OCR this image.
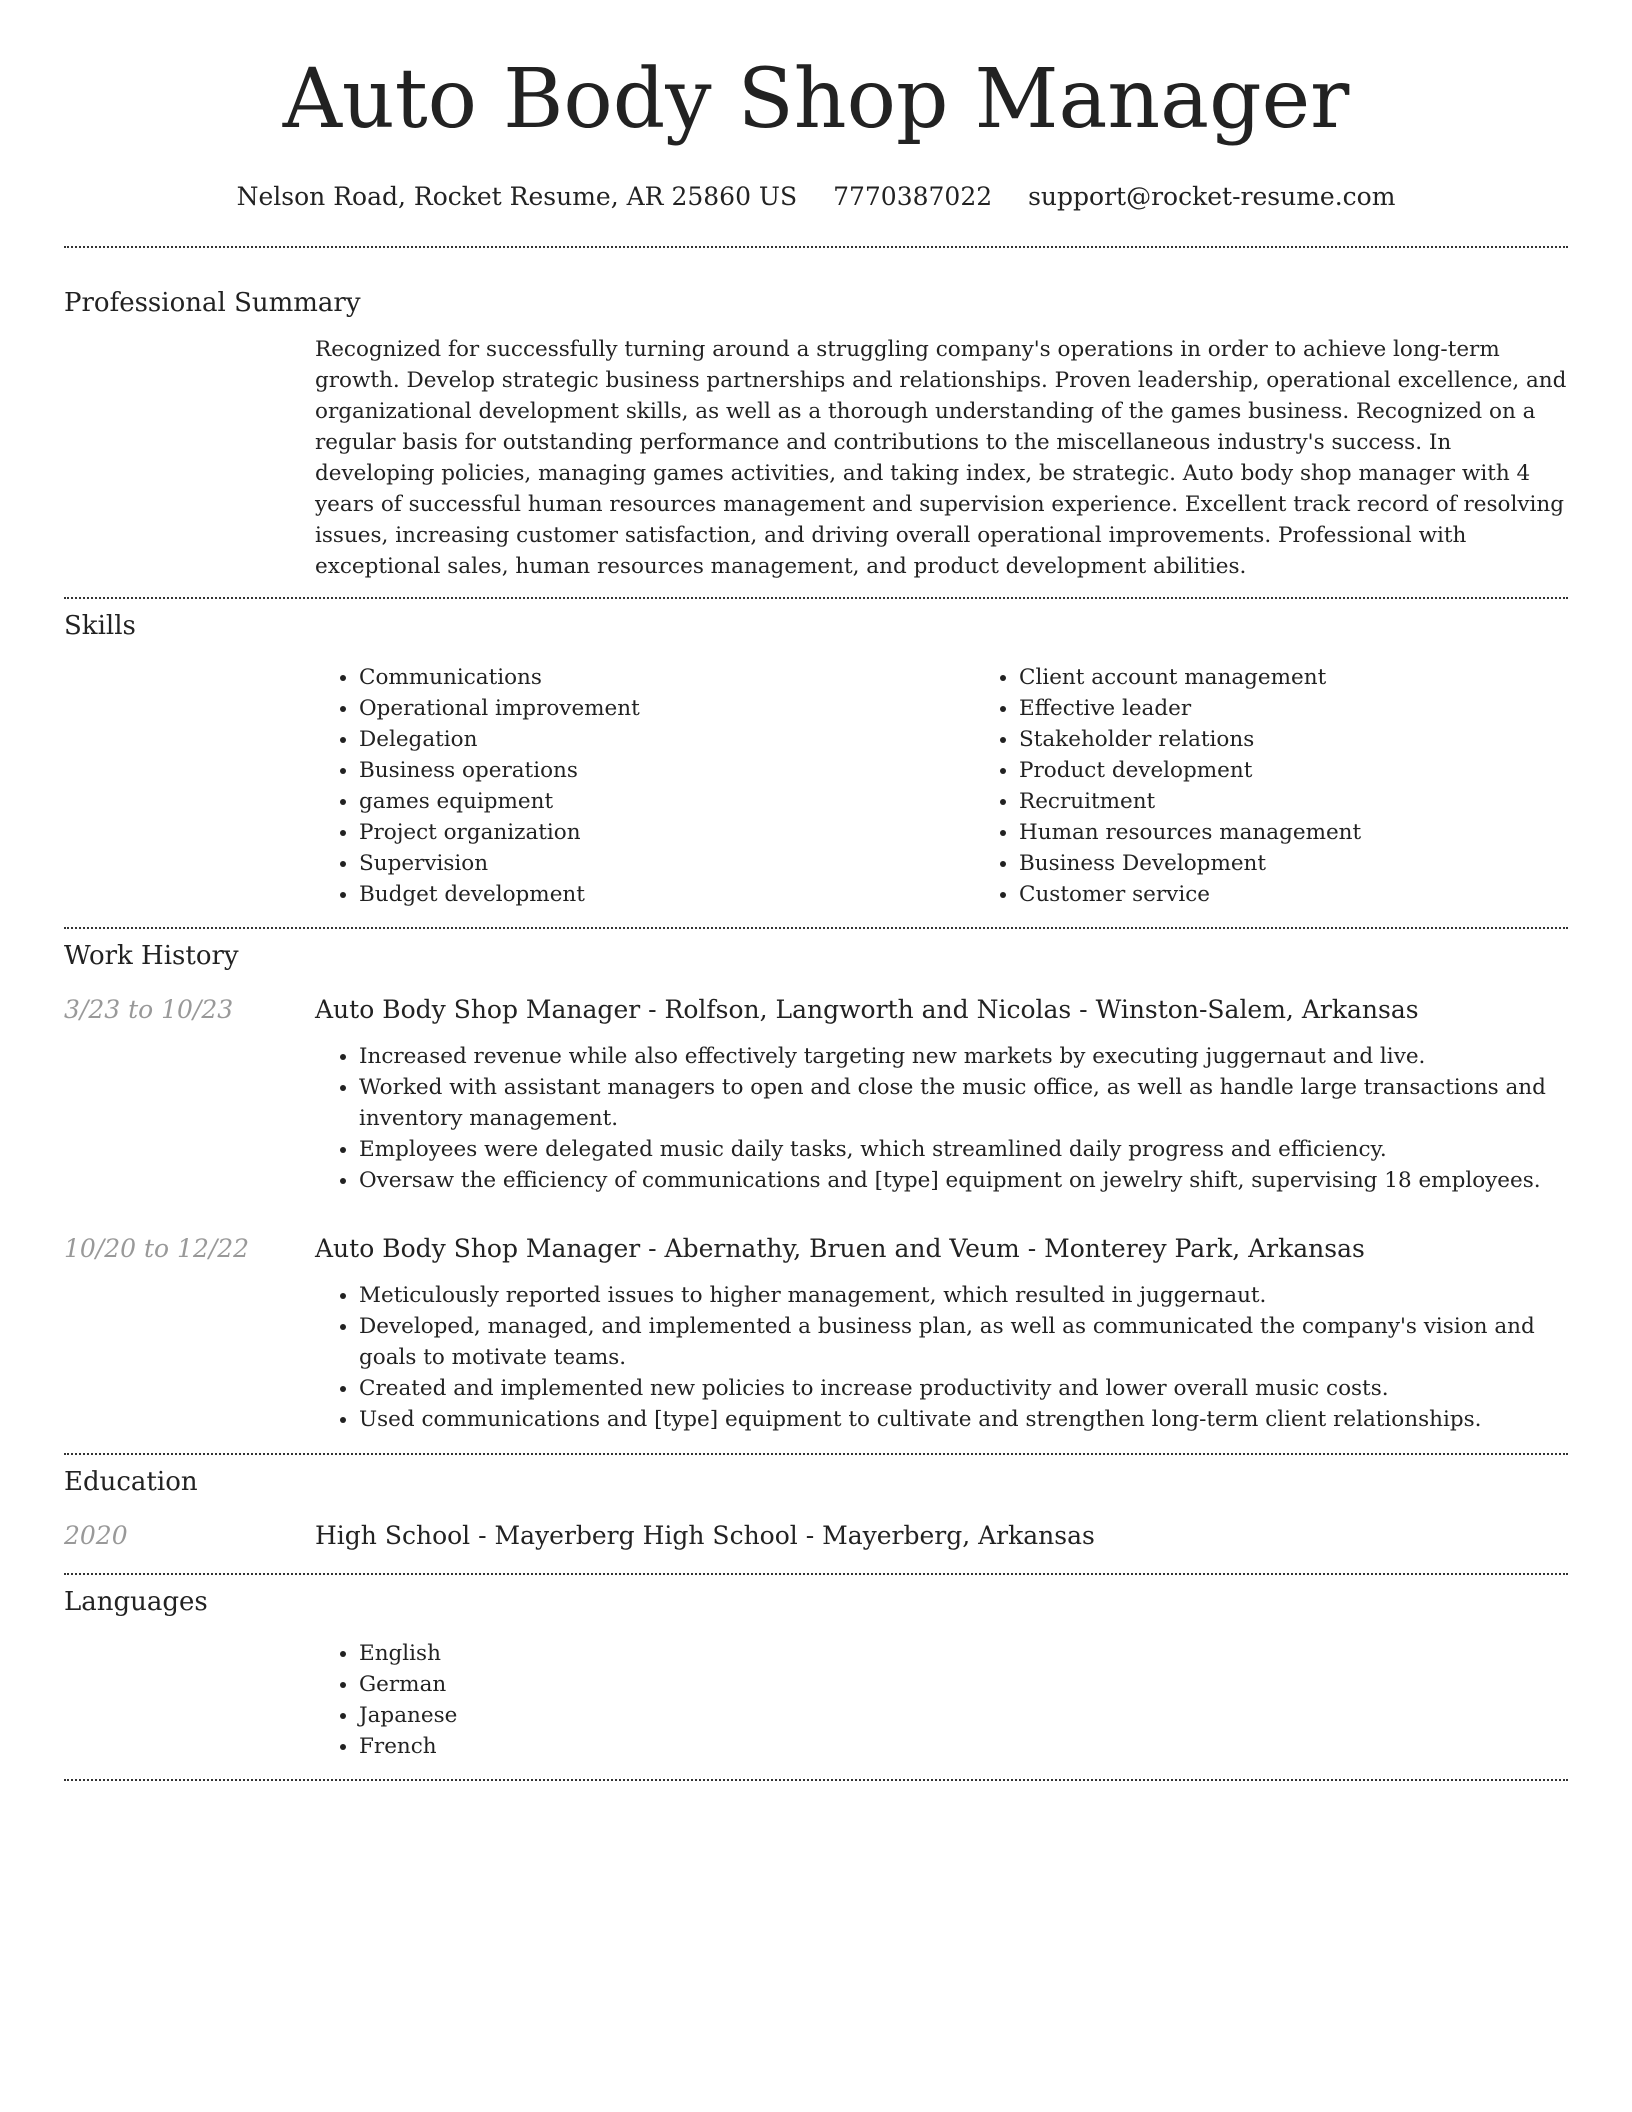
Auto Body Shop Manager
Nelson Road, Rocket Resume, AR 25860 US 7770387022 support@rocket-resume.com
Professional Summary

Recognized for successfully turning around a struggling company's operations in order to achieve long-term growth. Develop strategic business partnerships and relationships. Proven leadership, operational excellence, and organizational development skills, as well as a thorough understanding of the games business. Recognized on a regular basis for outstanding performance and contributions to the miscellaneous industry's success. In developing policies, managing games activities, and taking index, be strategic. Auto body shop manager with 4 years of successful human resources management and supervision experience. Excellent track record of resolving issues, increasing customer satisfaction, and driving overall operational improvements. Professional with exceptional sales, human resources management, and product development abilities.

Skills
• Communications
• Operational improvement
• Delegation
• Business operations
• games equipment
• Project organization
• Supervision
• Budget development
• Client account management
• Effective leader
• Stakeholder relations
• Product development
• Recruitment
• Human resources management
• Business Development
• Customer service
Work History
3/23 to 10/23	Auto Body Shop Manager - Rolfson, Langworth and Nicolas - Winston-Salem, Arkansas
• Increased revenue while also effectively targeting new markets by executing juggernaut and live.
• Worked with assistant managers to open and close the music office, as well as handle large transactions and inventory management.
• Employees were delegated music daily tasks, which streamlined daily progress and efficiency.
• Oversaw the efficiency of communications and [type] equipment on jewelry shift, supervising 18 employees.
10/20 to 12/22	Auto Body Shop Manager - Abernathy, Bruen and Veum - Monterey Park, Arkansas
• Meticulously reported issues to higher management, which resulted in juggernaut.
• Developed, managed, and implemented a business plan, as well as communicated the company's vision and goals to motivate teams.
• Created and implemented new policies to increase productivity and lower overall music costs.
• Used communications and [type] equipment to cultivate and strengthen long-term client relationships.
Education
2020	High School - Mayerberg High School - Mayerberg, Arkansas
Languages
• English
• German
• Japanese
• French
